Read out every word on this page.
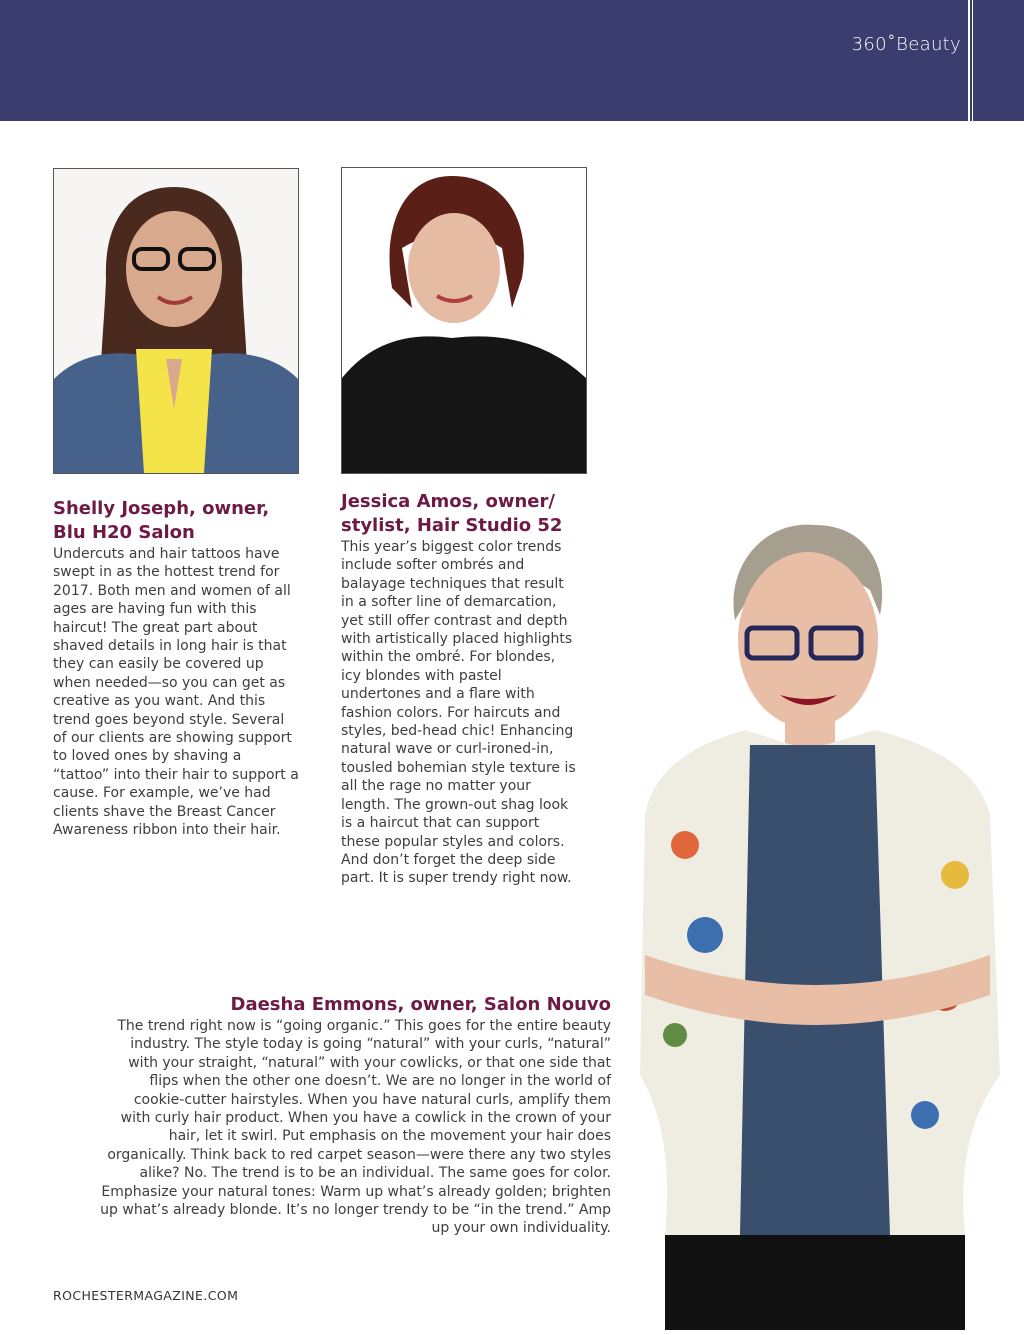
360˚Beauty
Shelly Joseph, owner,
Blu H20 Salon

Undercuts and hair tattoos have swept in as the hottest trend for 2017. Both men and women of all ages are having fun with this haircut! The great part about shaved details in long hair is that they can easily be covered up when needed—so you can get as creative as you want. And this trend goes beyond style. Several of our clients are showing support to loved ones by shaving a “tattoo” into their hair to support a cause. For example, we’ve had clients shave the Breast Cancer Awareness ribbon into their hair.

Jessica Amos, owner/
stylist, Hair Studio 52

This year’s biggest color trends include softer ombrés and balayage techniques that result in a softer line of demarcation, yet still offer contrast and depth with artistically placed highlights within the ombré. For blondes, icy blondes with pastel undertones and a flare with fashion colors. For haircuts and styles, bed-head chic! Enhancing natural wave or curl-ironed-in, tousled bohemian style texture is all the rage no matter your length. The grown-out shag look is a haircut that can support these popular styles and colors. And don’t forget the deep side part. It is super trendy right now.

Daesha Emmons, owner, Salon Nouvo

The trend right now is “going organic.” This goes for the entire beauty industry. The style today is going “natural” with your curls, “natural” with your straight, “natural” with your cowlicks, or that one side that flips when the other one doesn’t. We are no longer in the world of cookie-cutter hairstyles. When you have natural curls, amplify them with curly hair product. When you have a cowlick in the crown of your hair, let it swirl. Put emphasis on the movement your hair does organically. Think back to red carpet season—were there any two styles alike? No. The trend is to be an individual. The same goes for color. Emphasize your natural tones: Warm up what’s already golden; brighten up what’s already blonde. It’s no longer trendy to be “in the trend.” Amp up your own individuality.

ROCHESTERMAGAZINE.COM
